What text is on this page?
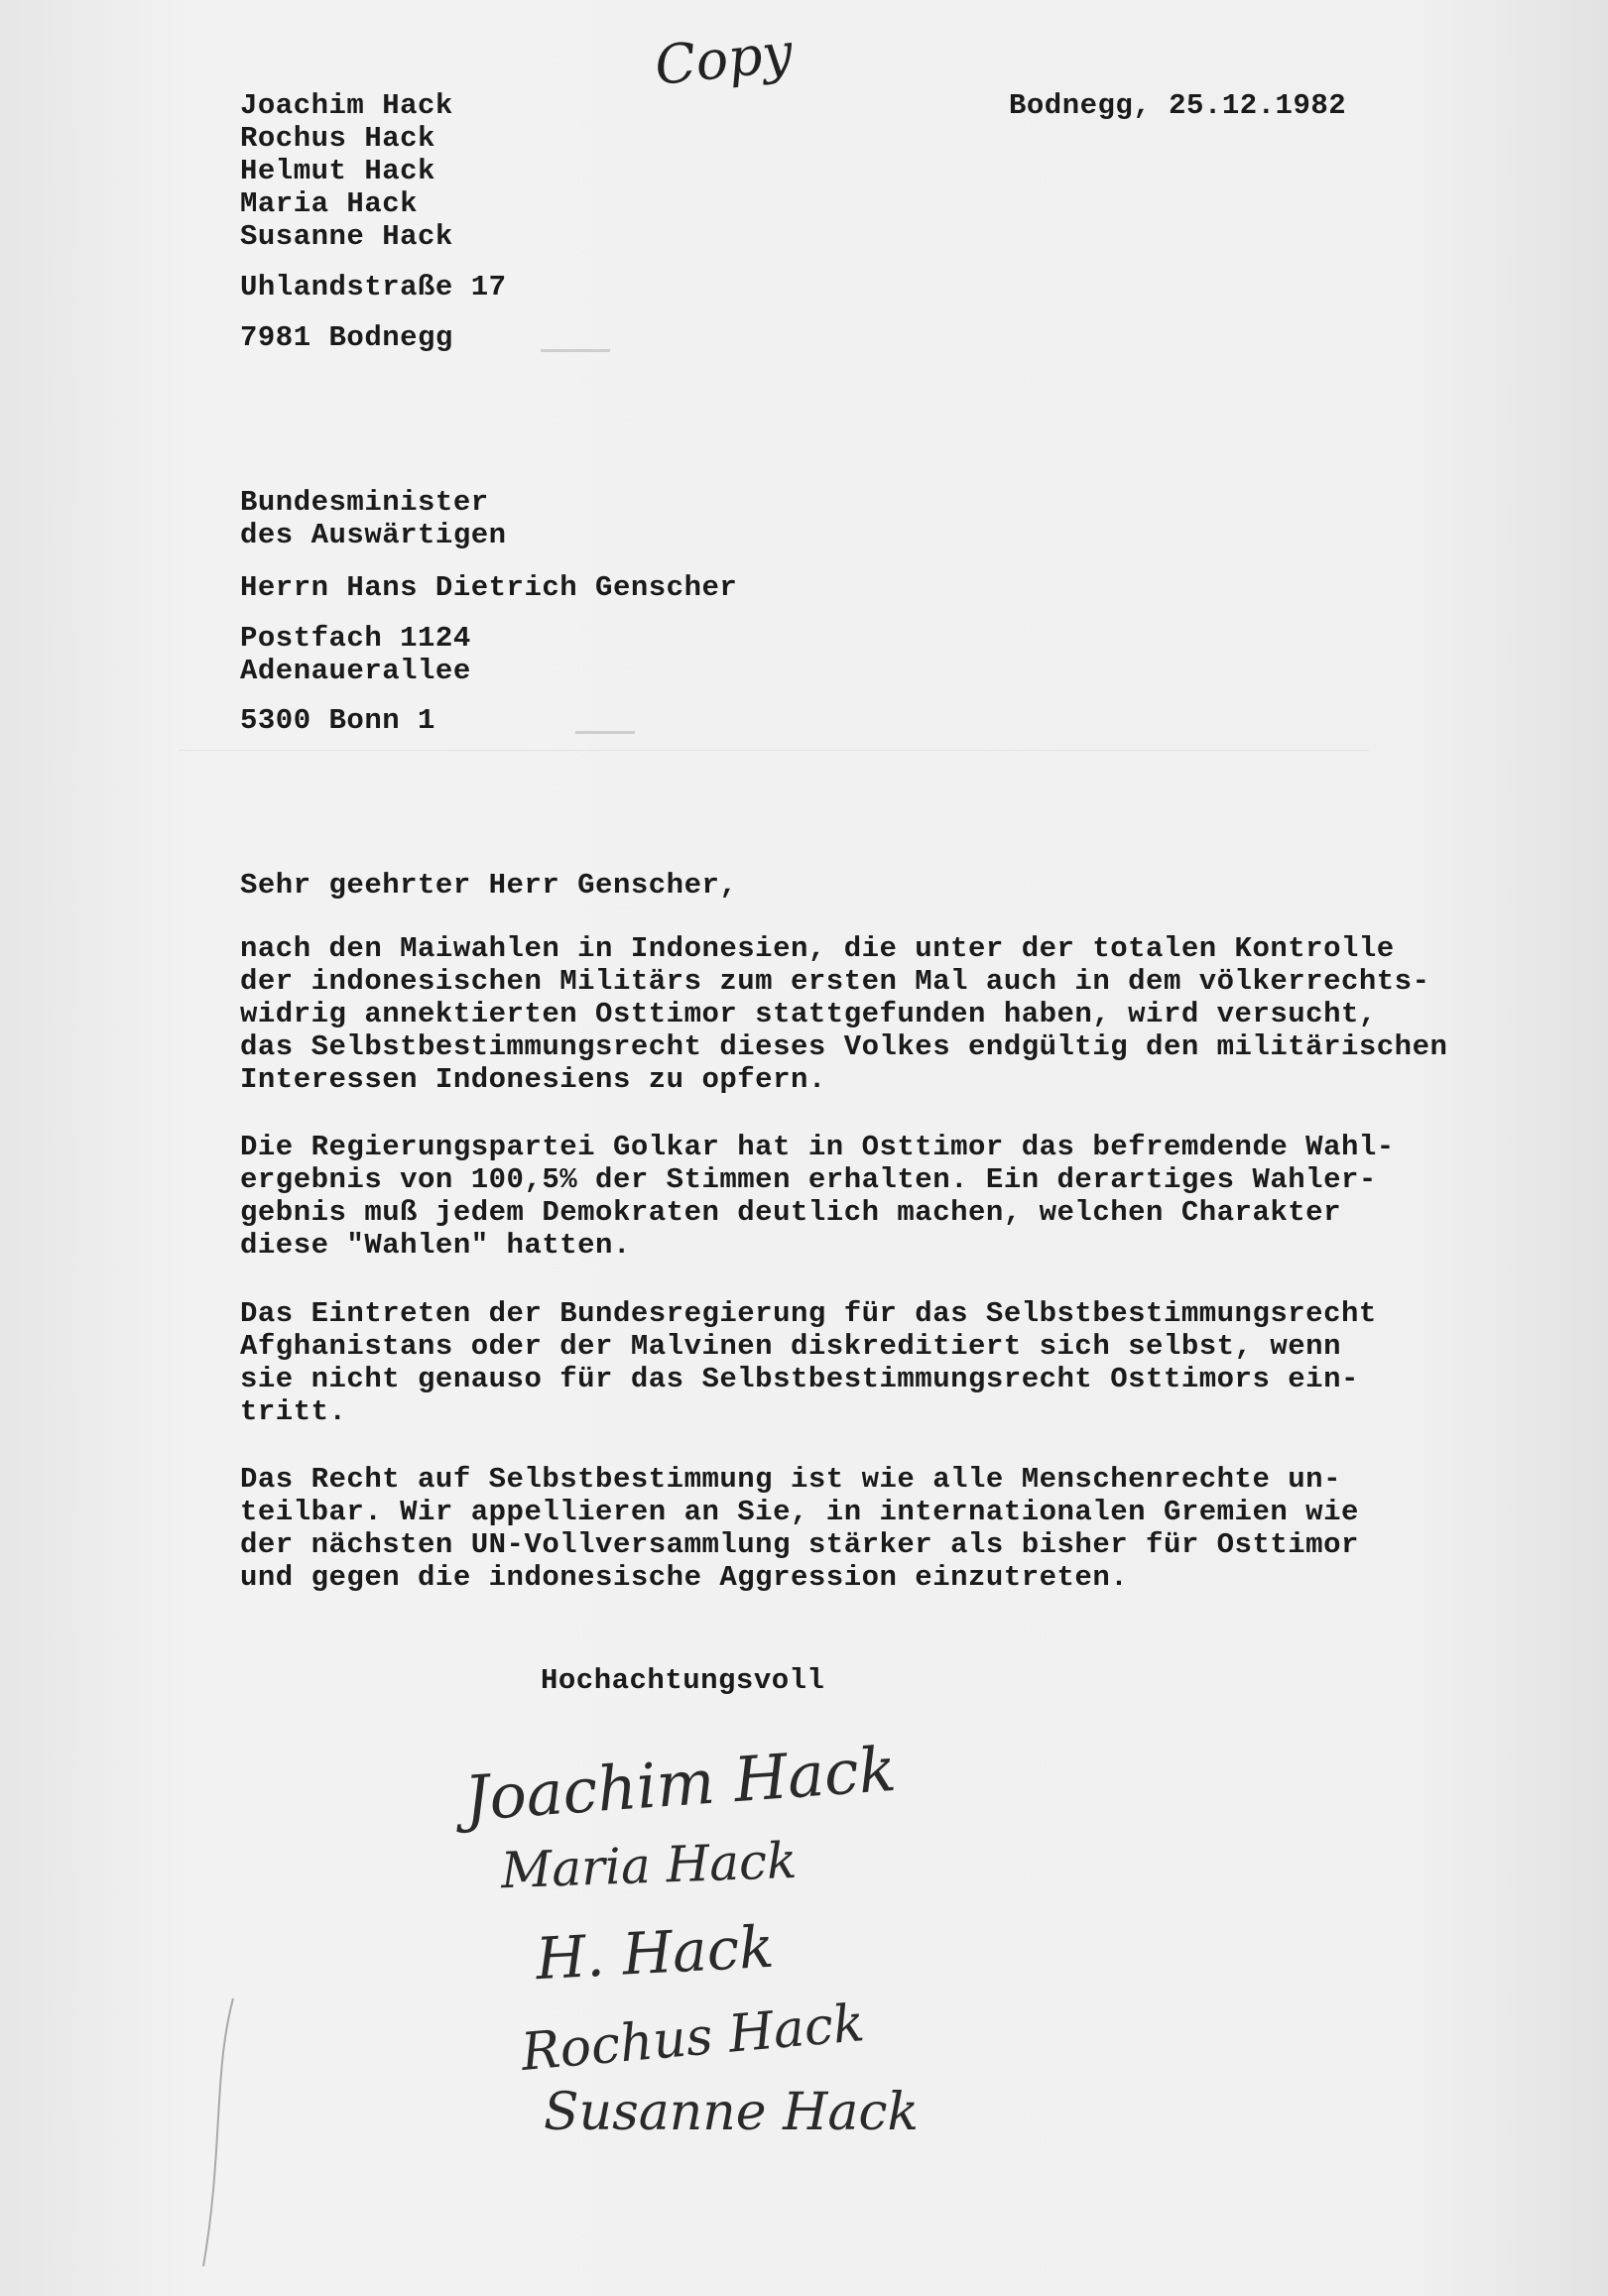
Copy
Joachim Hack
Rochus Hack
Helmut Hack
Maria Hack
Susanne Hack
Uhlandstraße 17
7981 Bodnegg
Bodnegg, 25.12.1982
Bundesminister
des Auswärtigen
Herrn Hans Dietrich Genscher
Postfach 1124
Adenauerallee
5300 Bonn 1
Sehr geehrter Herr Genscher,
nach den Maiwahlen in Indonesien, die unter der totalen Kontrolle
der indonesischen Militärs zum ersten Mal auch in dem völkerrechts-
widrig annektierten Osttimor stattgefunden haben, wird versucht,
das Selbstbestimmungsrecht dieses Volkes endgültig den militärischen
Interessen Indonesiens zu opfern.
Die Regierungspartei Golkar hat in Osttimor das befremdende Wahl-
ergebnis von 100,5% der Stimmen erhalten. Ein derartiges Wahler-
gebnis muß jedem Demokraten deutlich machen, welchen Charakter
diese "Wahlen" hatten.
Das Eintreten der Bundesregierung für das Selbstbestimmungsrecht
Afghanistans oder der Malvinen diskreditiert sich selbst, wenn
sie nicht genauso für das Selbstbestimmungsrecht Osttimors ein-
tritt.
Das Recht auf Selbstbestimmung ist wie alle Menschenrechte un-
teilbar. Wir appellieren an Sie, in internationalen Gremien wie
der nächsten UN-Vollversammlung stärker als bisher für Osttimor
und gegen die indonesische Aggression einzutreten.
Hochachtungsvoll
Joachim Hack
Maria Hack
H. Hack
Rochus Hack
Susanne Hack
